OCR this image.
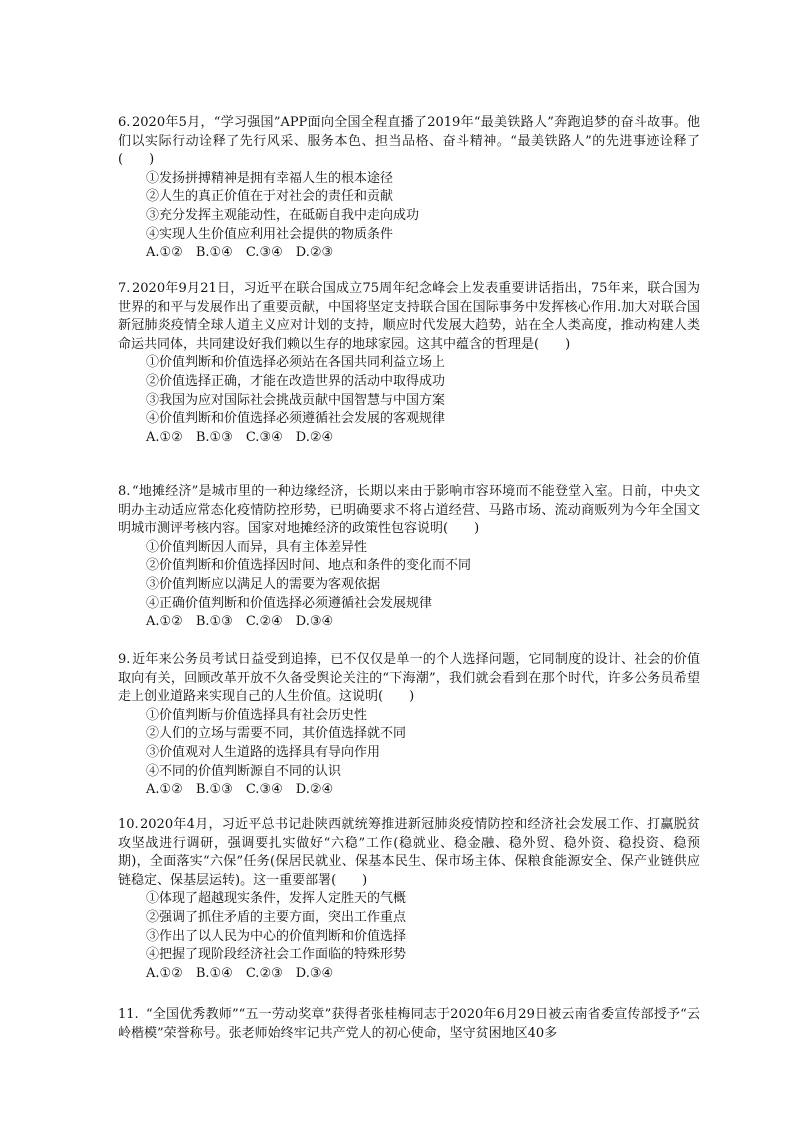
6. 2020年5月，“学习强国”APP面向全国全程直播了2019年“最美铁路人”奔跑追梦的奋斗故事。他们以实际行动诠释了先行风采、服务本色、担当品格、奋斗精神。“最美铁路人”的先进事迹诠释了(　　)
①发扬拼搏精神是拥有幸福人生的根本途径
②人生的真正价值在于对社会的责任和贡献
③充分发挥主观能动性，在砥砺自我中走向成功
④实现人生价值应利用社会提供的物质条件
A.①②　B.①④　C.③④　D.②③
7. 2020年9月21日，习近平在联合国成立75周年纪念峰会上发表重要讲话指出，75年来，联合国为世界的和平与发展作出了重要贡献，中国将坚定支持联合国在国际事务中发挥核心作用.加大对联合国新冠肺炎疫情全球人道主义应对计划的支持，顺应时代发展大趋势，站在全人类高度，推动构建人类命运共同体，共同建设好我们赖以生存的地球家园。这其中蕴含的哲理是(　　)
①价值判断和价值选择必须站在各国共同利益立场上
②价值选择正确，才能在改造世界的活动中取得成功
③我国为应对国际社会挑战贡献中国智慧与中国方案
④价值判断和价值选择必须遵循社会发展的客观规律
A.①②　B.①③　C.③④　D.②④
8. “地摊经济”是城市里的一种边缘经济，长期以来由于影响市容环境而不能登堂入室。日前，中央文明办主动适应常态化疫情防控形势，已明确要求不将占道经营、马路市场、流动商贩列为今年全国文明城市测评考核内容。国家对地摊经济的政策性包容说明(　　)
①价值判断因人而异，具有主体差异性
②价值判断和价值选择因时间、地点和条件的变化而不同
③价值判断应以满足人的需要为客观依据
④正确价值判断和价值选择必须遵循社会发展规律
A.①②　B.①③　C.②④　D.③④
9. 近年来公务员考试日益受到追捧，已不仅仅是单一的个人选择问题，它同制度的设计、社会的价值取向有关，回顾改革开放不久备受舆论关注的“下海潮”，我们就会看到在那个时代，许多公务员希望走上创业道路来实现自己的人生价值。这说明(　　)
①价值判断与价值选择具有社会历史性
②人们的立场与需要不同，其价值选择就不同
③价值观对人生道路的选择具有导向作用
④不同的价值判断源自不同的认识
A.①②　B.①③　C.③④　D.②④
10.2020年4月，习近平总书记赴陕西就统筹推进新冠肺炎疫情防控和经济社会发展工作、打赢脱贫攻坚战进行调研，强调要扎实做好“六稳”工作(稳就业、稳金融、稳外贸、稳外资、稳投资、稳预期)，全面落实“六保”任务(保居民就业、保基本民生、保市场主体、保粮食能源安全、保产业链供应链稳定、保基层运转)。这一重要部署(　　)
①体现了超越现实条件，发挥人定胜天的气概
②强调了抓住矛盾的主要方面，突出工作重点
③作出了以人民为中心的价值判断和价值选择
④把握了现阶段经济社会工作面临的特殊形势
A.①②　B.①④　C.②③　D.③④
11. “全国优秀教师”“五一劳动奖章”获得者张桂梅同志于2020年6月29日被云南省委宣传部授予“云岭楷模”荣誉称号。张老师始终牢记共产党人的初心使命，坚守贫困地区40多
